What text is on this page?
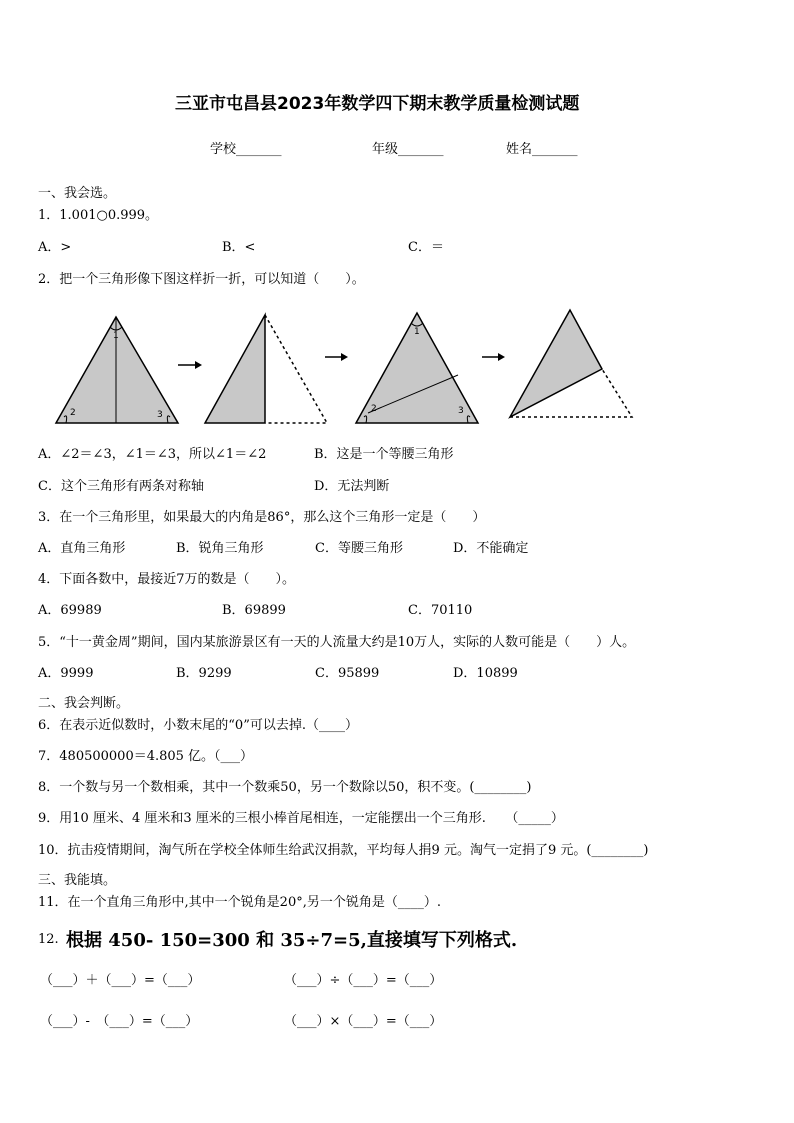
三亚市屯昌县2023年数学四下期末教学质量检测试题
学校_______	年级_______	姓名_______
一、我会选。
1．1.001○0.999。
A．>	B．<	C．＝
2．把一个三角形像下图这样折一折，可以知道（　　）。
1
2	3
1
2	3
A．∠2＝∠3，∠1＝∠3，所以∠1＝∠2	B．这是一个等腰三角形
C．这个三角形有两条对称轴	D．无法判断
3．在一个三角形里，如果最大的内角是86°，那么这个三角形一定是（　　）
A．直角三角形	B．锐角三角形	C．等腰三角形	D．不能确定
4．下面各数中，最接近7万的数是（　　）。
A．69989	B．69899	C．70110
5．“十一黄金周”期间，国内某旅游景区有一天的人流量大约是10万人，实际的人数可能是（　　）人。
A．9999	B．9299	C．95899	D．10899
二、我会判断。
6．在表示近似数时，小数末尾的“0”可以去掉.（____）
7．480500000＝4.805 亿。（___）
8．一个数与另一个数相乘，其中一个数乘50，另一个数除以50，积不变。(________)
9．用10 厘米、4 厘米和3 厘米的三根小棒首尾相连，一定能摆出一个三角形.　　（_____）
10．抗击疫情期间，淘气所在学校全体师生给武汉捐款，平均每人捐9 元。淘气一定捐了9 元。(________)
三、我能填。
11．在一个直角三角形中,其中一个锐角是20°,另一个锐角是（____）.
12. 根据 450- 150=300 和 35÷7=5,直接填写下列格式.
（___）＋（___）=（___）	（___）÷（___）=（___）
（___）-　（___）=（___）	（___）×（___）=（___）
